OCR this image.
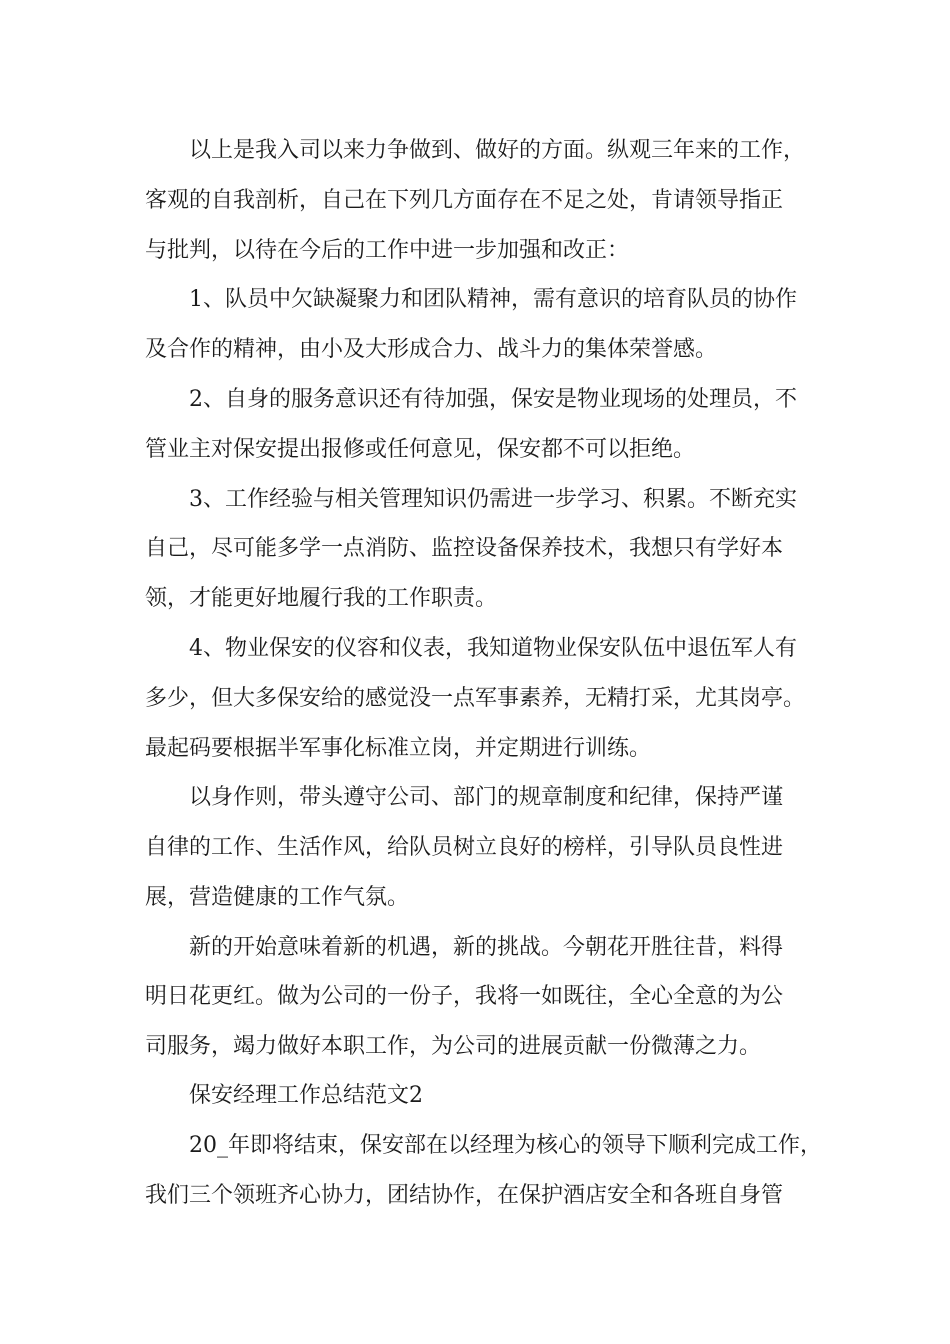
　　以上是我入司以来力争做到、做好的方面。纵观三年来的工作，
客观的自我剖析，自己在下列几方面存在不足之处，肯请领导指正
与批判，以待在今后的工作中进一步加强和改正：
　　1、队员中欠缺凝聚力和团队精神，需有意识的培育队员的协作
及合作的精神，由小及大形成合力、战斗力的集体荣誉感。
　　2、自身的服务意识还有待加强，保安是物业现场的处理员，不
管业主对保安提出报修或任何意见，保安都不可以拒绝。
　　3、工作经验与相关管理知识仍需进一步学习、积累。不断充实
自己，尽可能多学一点消防、监控设备保养技术，我想只有学好本
领，才能更好地履行我的工作职责。
　　4、物业保安的仪容和仪表，我知道物业保安队伍中退伍军人有
多少，但大多保安给的感觉没一点军事素养，无精打采，尤其岗亭。
最起码要根据半军事化标准立岗，并定期进行训练。
　　以身作则，带头遵守公司、部门的规章制度和纪律，保持严谨
自律的工作、生活作风，给队员树立良好的榜样，引导队员良性进
展，营造健康的工作气氛。
　　新的开始意味着新的机遇，新的挑战。今朝花开胜往昔，料得
明日花更红。做为公司的一份子，我将一如既往，全心全意的为公
司服务，竭力做好本职工作，为公司的进展贡献一份微薄之力。
　　保安经理工作总结范文2
　　20_年即将结束，保安部在以经理为核心的领导下顺利完成工作，
我们三个领班齐心协力，团结协作，在保护酒店安全和各班自身管
